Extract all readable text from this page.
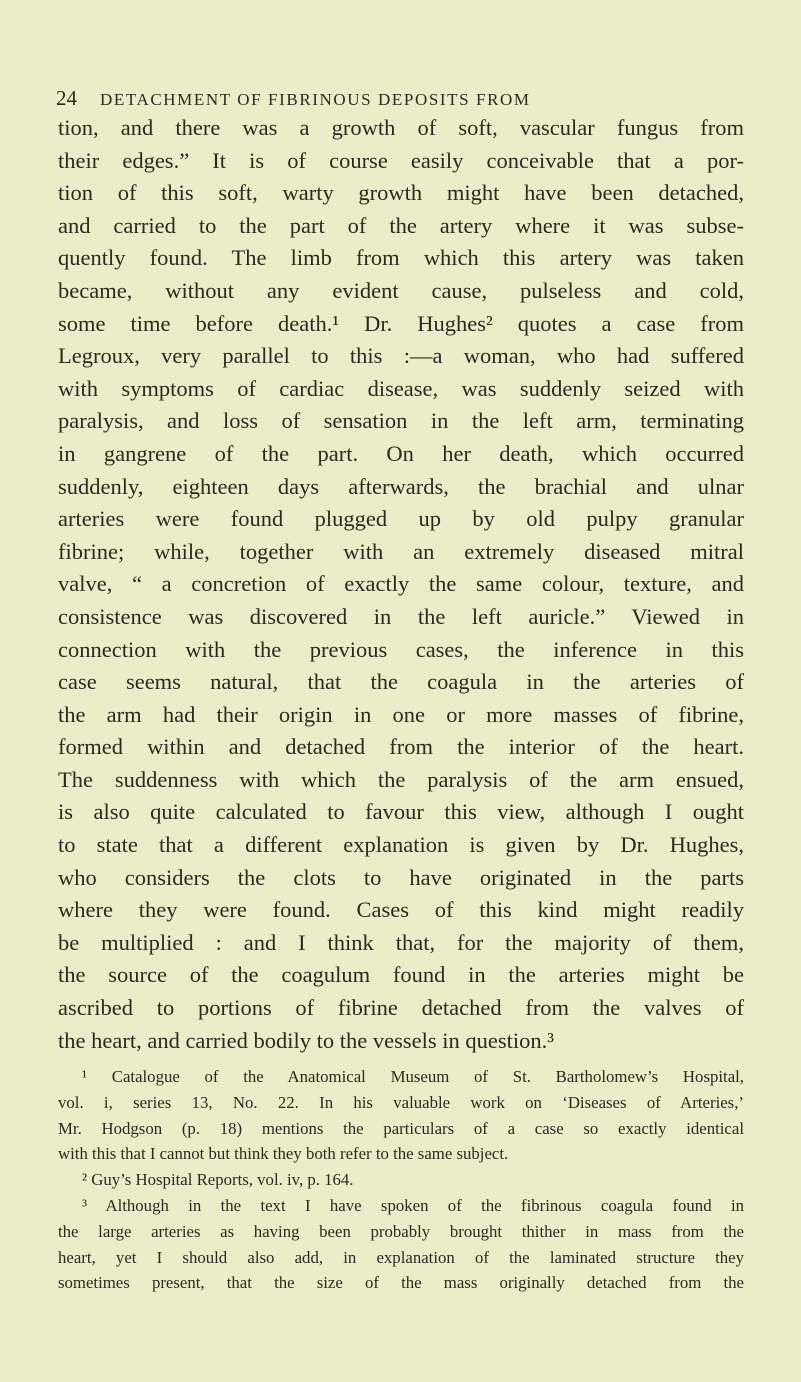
24 DETACHMENT OF FIBRINOUS DEPOSITS FROM
tion, and there was a growth of soft, vascular fungus from
their edges.” It is of course easily conceivable that a por-
tion of this soft, warty growth might have been detached,
and carried to the part of the artery where it was subse-
quently found. The limb from which this artery was taken
became, without any evident cause, pulseless and cold,
some time before death.¹ Dr. Hughes² quotes a case from
Legroux, very parallel to this :—a woman, who had suffered
with symptoms of cardiac disease, was suddenly seized with
paralysis, and loss of sensation in the left arm, terminating
in gangrene of the part. On her death, which occurred
suddenly, eighteen days afterwards, the brachial and ulnar
arteries were found plugged up by old pulpy granular
fibrine; while, together with an extremely diseased mitral
valve, “ a concretion of exactly the same colour, texture, and
consistence was discovered in the left auricle.” Viewed in
connection with the previous cases, the inference in this
case seems natural, that the coagula in the arteries of
the arm had their origin in one or more masses of fibrine,
formed within and detached from the interior of the heart.
The suddenness with which the paralysis of the arm ensued,
is also quite calculated to favour this view, although I ought
to state that a different explanation is given by Dr. Hughes,
who considers the clots to have originated in the parts
where they were found. Cases of this kind might readily
be multiplied : and I think that, for the majority of them,
the source of the coagulum found in the arteries might be
ascribed to portions of fibrine detached from the valves of
the heart, and carried bodily to the vessels in question.³
¹ Catalogue of the Anatomical Museum of St. Bartholomew’s Hospital,
vol. i, series 13, No. 22. In his valuable work on ‘Diseases of Arteries,’
Mr. Hodgson (p. 18) mentions the particulars of a case so exactly identical
with this that I cannot but think they both refer to the same subject.
² Guy’s Hospital Reports, vol. iv, p. 164.
³ Although in the text I have spoken of the fibrinous coagula found in
the large arteries as having been probably brought thither in mass from the
heart, yet I should also add, in explanation of the laminated structure they
sometimes present, that the size of the mass originally detached from the
